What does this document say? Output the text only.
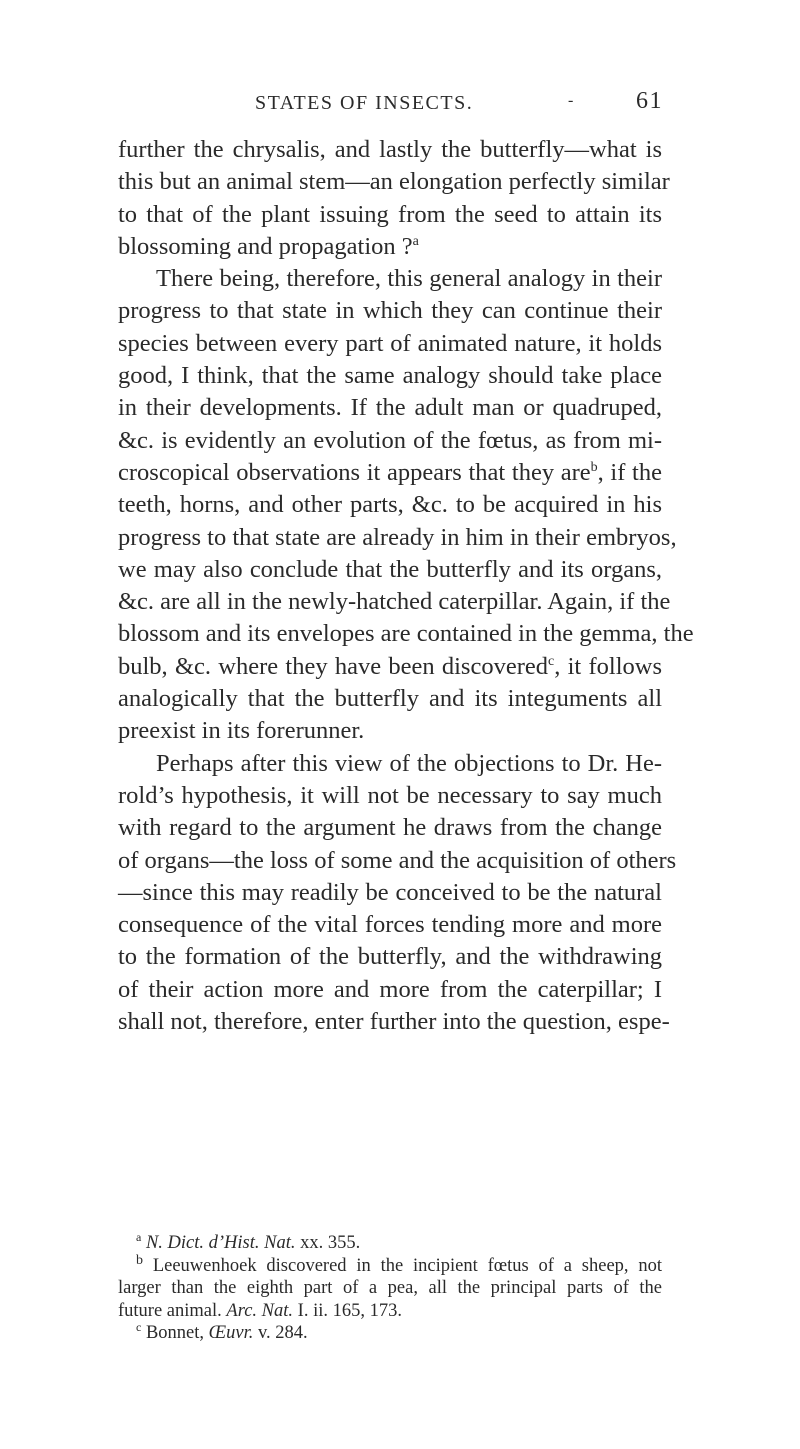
STATES OF INSECTS.	-	61

further the chrysalis, and lastly the butterfly—what is
this but an animal stem—an elongation perfectly similar
to that of the plant issuing from the seed to attain its
blossoming and propagation ?$^a$

There being, therefore, this general analogy in their
progress to that state in which they can continue their
species between every part of animated nature, it holds
good, I think, that the same analogy should take place
in their developments. If the adult man or quadruped,
&c. is evidently an evolution of the fœtus, as from mi-
croscopical observations it appears that they are$^b$, if the
teeth, horns, and other parts, &c. to be acquired in his
progress to that state are already in him in their embryos,
we may also conclude that the butterfly and its organs,
&c. are all in the newly-hatched caterpillar. Again, if the
blossom and its envelopes are contained in the gemma, the
bulb, &c. where they have been discovered$^c$, it follows
analogically that the butterfly and its integuments all
preexist in its forerunner.

Perhaps after this view of the objections to Dr. He-
rold’s hypothesis, it will not be necessary to say much
with regard to the argument he draws from the change
of organs—the loss of some and the acquisition of others
—since this may readily be conceived to be the natural
consequence of the vital forces tending more and more
to the formation of the butterfly, and the withdrawing
of their action more and more from the caterpillar; I
shall not, therefore, enter further into the question, espe-

$^a$ N. Dict. d’Hist. Nat. xx. 355.
$^b$ Leeuwenhoek discovered in the incipient fœtus of a sheep, not
larger than the eighth part of a pea, all the principal parts of the
future animal. Arc. Nat. I. ii. 165, 173.
$^c$ Bonnet, Œuvr. v. 284.
